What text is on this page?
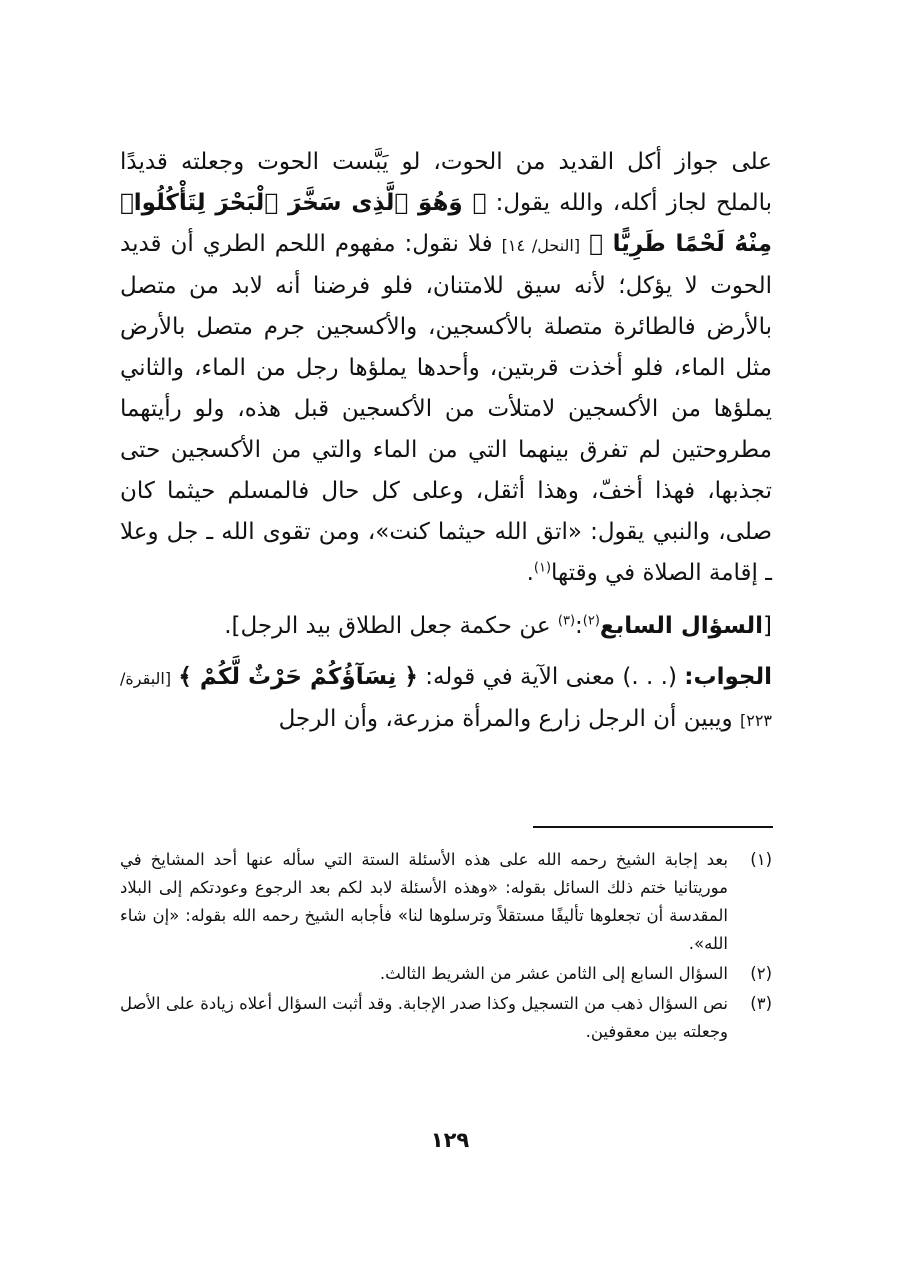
على جواز أكل القديد من الحوت، لو يَبَّست الحوت وجعلته قديدًا بالملح لجاز أكله، والله يقول: ﴿ وَهُوَ ٱلَّذِى سَخَّرَ ٱلْبَحْرَ لِتَأْكُلُوا۟ مِنْهُ لَحْمًا طَرِيًّا ﴾ [النحل/ ١٤] فلا نقول: مفهوم اللحم الطري أن قديد الحوت لا يؤكل؛ لأنه سيق للامتنان، فلو فرضنا أنه لابد من متصل بالأرض فالطائرة متصلة بالأكسجين، والأكسجين جرم متصل بالأرض مثل الماء، فلو أخذت قربتين، وأحدها يملؤها رجل من الماء، والثاني يملؤها من الأكسجين لامتلأت من الأكسجين قبل هذه، ولو رأيتهما مطروحتين لم تفرق بينهما التي من الماء والتي من الأكسجين حتى تجذبها، فهذا أخفّ، وهذا أثقل، وعلى كل حال فالمسلم حيثما كان صلى، والنبي يقول: «اتق الله حيثما كنت»، ومن تقوى الله ـ جل وعلا ـ إقامة الصلاة في وقتها$^{(١)}$.

[السؤال السابع$^{(٢)}$:$^{(٣)}$ عن حكمة جعل الطلاق بيد الرجل].

الجواب: (. . .) معنى الآية في قوله: ﴿ نِسَآؤُكُمْ حَرْثٌ لَّكُمْ ﴾ [البقرة/ ٢٢٣] ويبين أن الرجل زارع والمرأة مزرعة، وأن الرجل

(١)
بعد إجابة الشيخ رحمه الله على هذه الأسئلة الستة التي سأله عنها أحد المشايخ في موريتانيا ختم ذلك السائل بقوله: «وهذه الأسئلة لابد لكم بعد الرجوع وعودتكم إلى البلاد المقدسة أن تجعلوها تأليفًا مستقلاً وترسلوها لنا» فأجابه الشيخ رحمه الله بقوله: «إن شاء الله».
(٢)
السؤال السابع إلى الثامن عشر من الشريط الثالث.
(٣)
نص السؤال ذهب من التسجيل وكذا صدر الإجابة. وقد أثبت السؤال أعلاه زيادة على الأصل وجعلته بين معقوفين.
١٢٩
